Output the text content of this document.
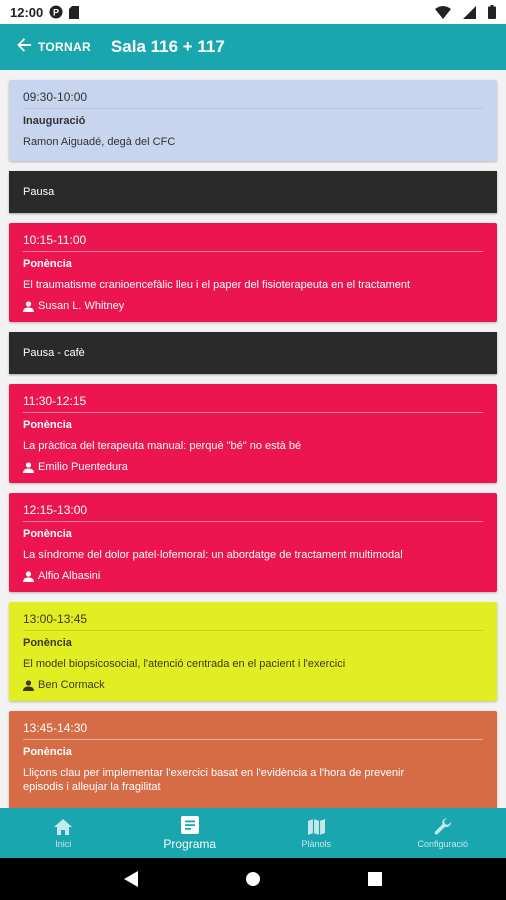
12:00 P
TORNAR Sala 116 + 117
09:30-10:00
Inauguració
Ramon Aiguadé, degà del CFC
Pausa
10:15-11:00
Ponència
El traumatisme cranioencefàlic lleu i el paper del fisioterapeuta en el tractament
Susan L. Whitney
Pausa - cafè
11:30-12:15
Ponència
La pràctica del terapeuta manual: perquè "bé" no està bé
Emilio Puentedura
12:15-13:00
Ponència
La síndrome del dolor patel·lofemoral: un abordatge de tractament multimodal
Alfio Albasini
13:00-13:45
Ponència
El model biopsicosocial, l'atenció centrada en el pacient i l'exercici
Ben Cormack
13:45-14:30
Ponència
Lliçons clau per implementar l'exercici basat en l'evidència a l'hora de prevenir
episodis i alleujar la fragilitat
Inici	Programa	Plànols	Configuració
